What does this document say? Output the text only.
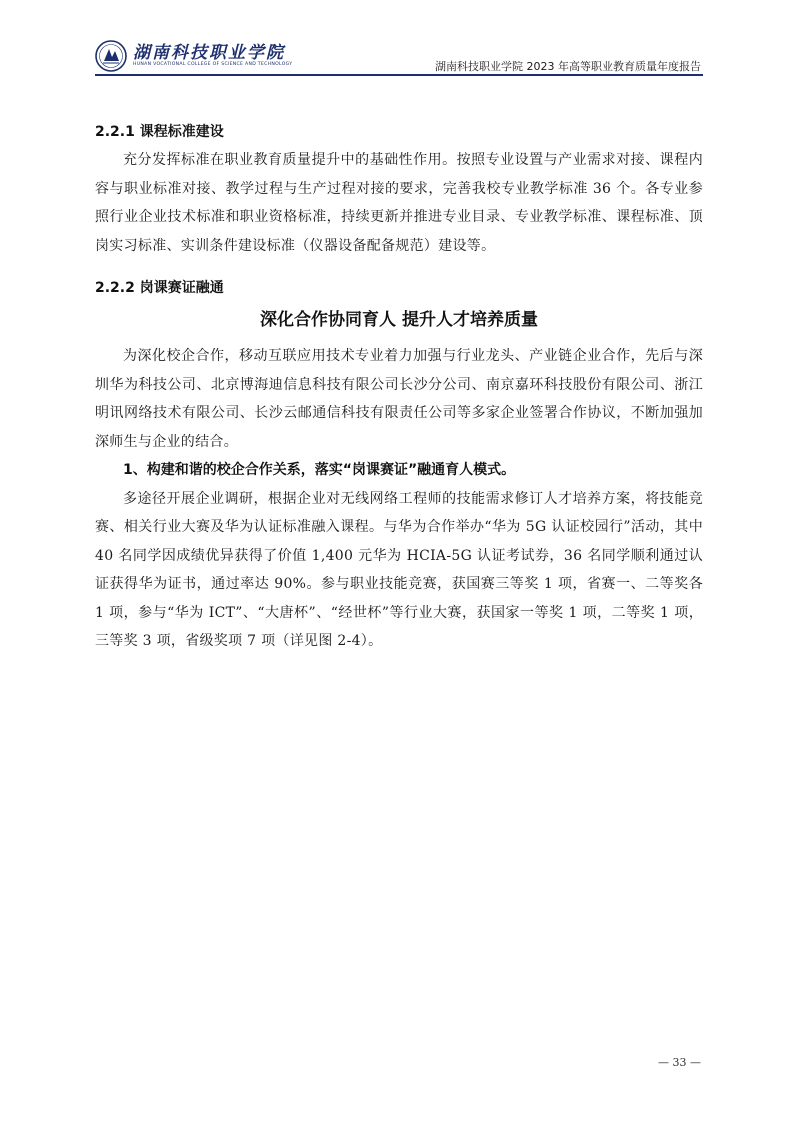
湖南科技职业学院
HUNAN VOCATIONAL COLLEGE OF SCIENCE AND TECHNOLOGY	湖南科技职业学院 2023 年高等职业教育质量年度报告
2.2.1 课程标准建设

充分发挥标准在职业教育质量提升中的基础性作用。按照专业设置与产业需求对接、课程内容与职业标准对接、教学过程与生产过程对接的要求，完善我校专业教学标准 36 个。各专业参照行业企业技术标准和职业资格标准，持续更新并推进专业目录、专业教学标准、课程标准、顶岗实习标准、实训条件建设标准（仪器设备配备规范）建设等。

2.2.2 岗课赛证融通
深化合作协同育人 提升人才培养质量

为深化校企合作，移动互联应用技术专业着力加强与行业龙头、产业链企业合作，先后与深圳华为科技公司、北京博海迪信息科技有限公司长沙分公司、南京嘉环科技股份有限公司、浙江明讯网络技术有限公司、长沙云邮通信科技有限责任公司等多家企业签署合作协议，不断加强加深师生与企业的结合。

1、构建和谐的校企合作关系，落实“岗课赛证”融通育人模式。

多途径开展企业调研，根据企业对无线网络工程师的技能需求修订人才培养方案，将技能竞赛、相关行业大赛及华为认证标准融入课程。与华为合作举办“华为 5G 认证校园行”活动，其中 40 名同学因成绩优异获得了价值 1,400 元华为 HCIA-5G 认证考试券，36 名同学顺利通过认证获得华为证书，通过率达 90%。参与职业技能竞赛，获国赛三等奖 1 项，省赛一、二等奖各 1 项，参与“华为 ICT”、“大唐杯”、“经世杯”等行业大赛，获国家一等奖 1 项，二等奖 1 项，三等奖 3 项，省级奖项 7 项（详见图 2-4）。

— 33 —
